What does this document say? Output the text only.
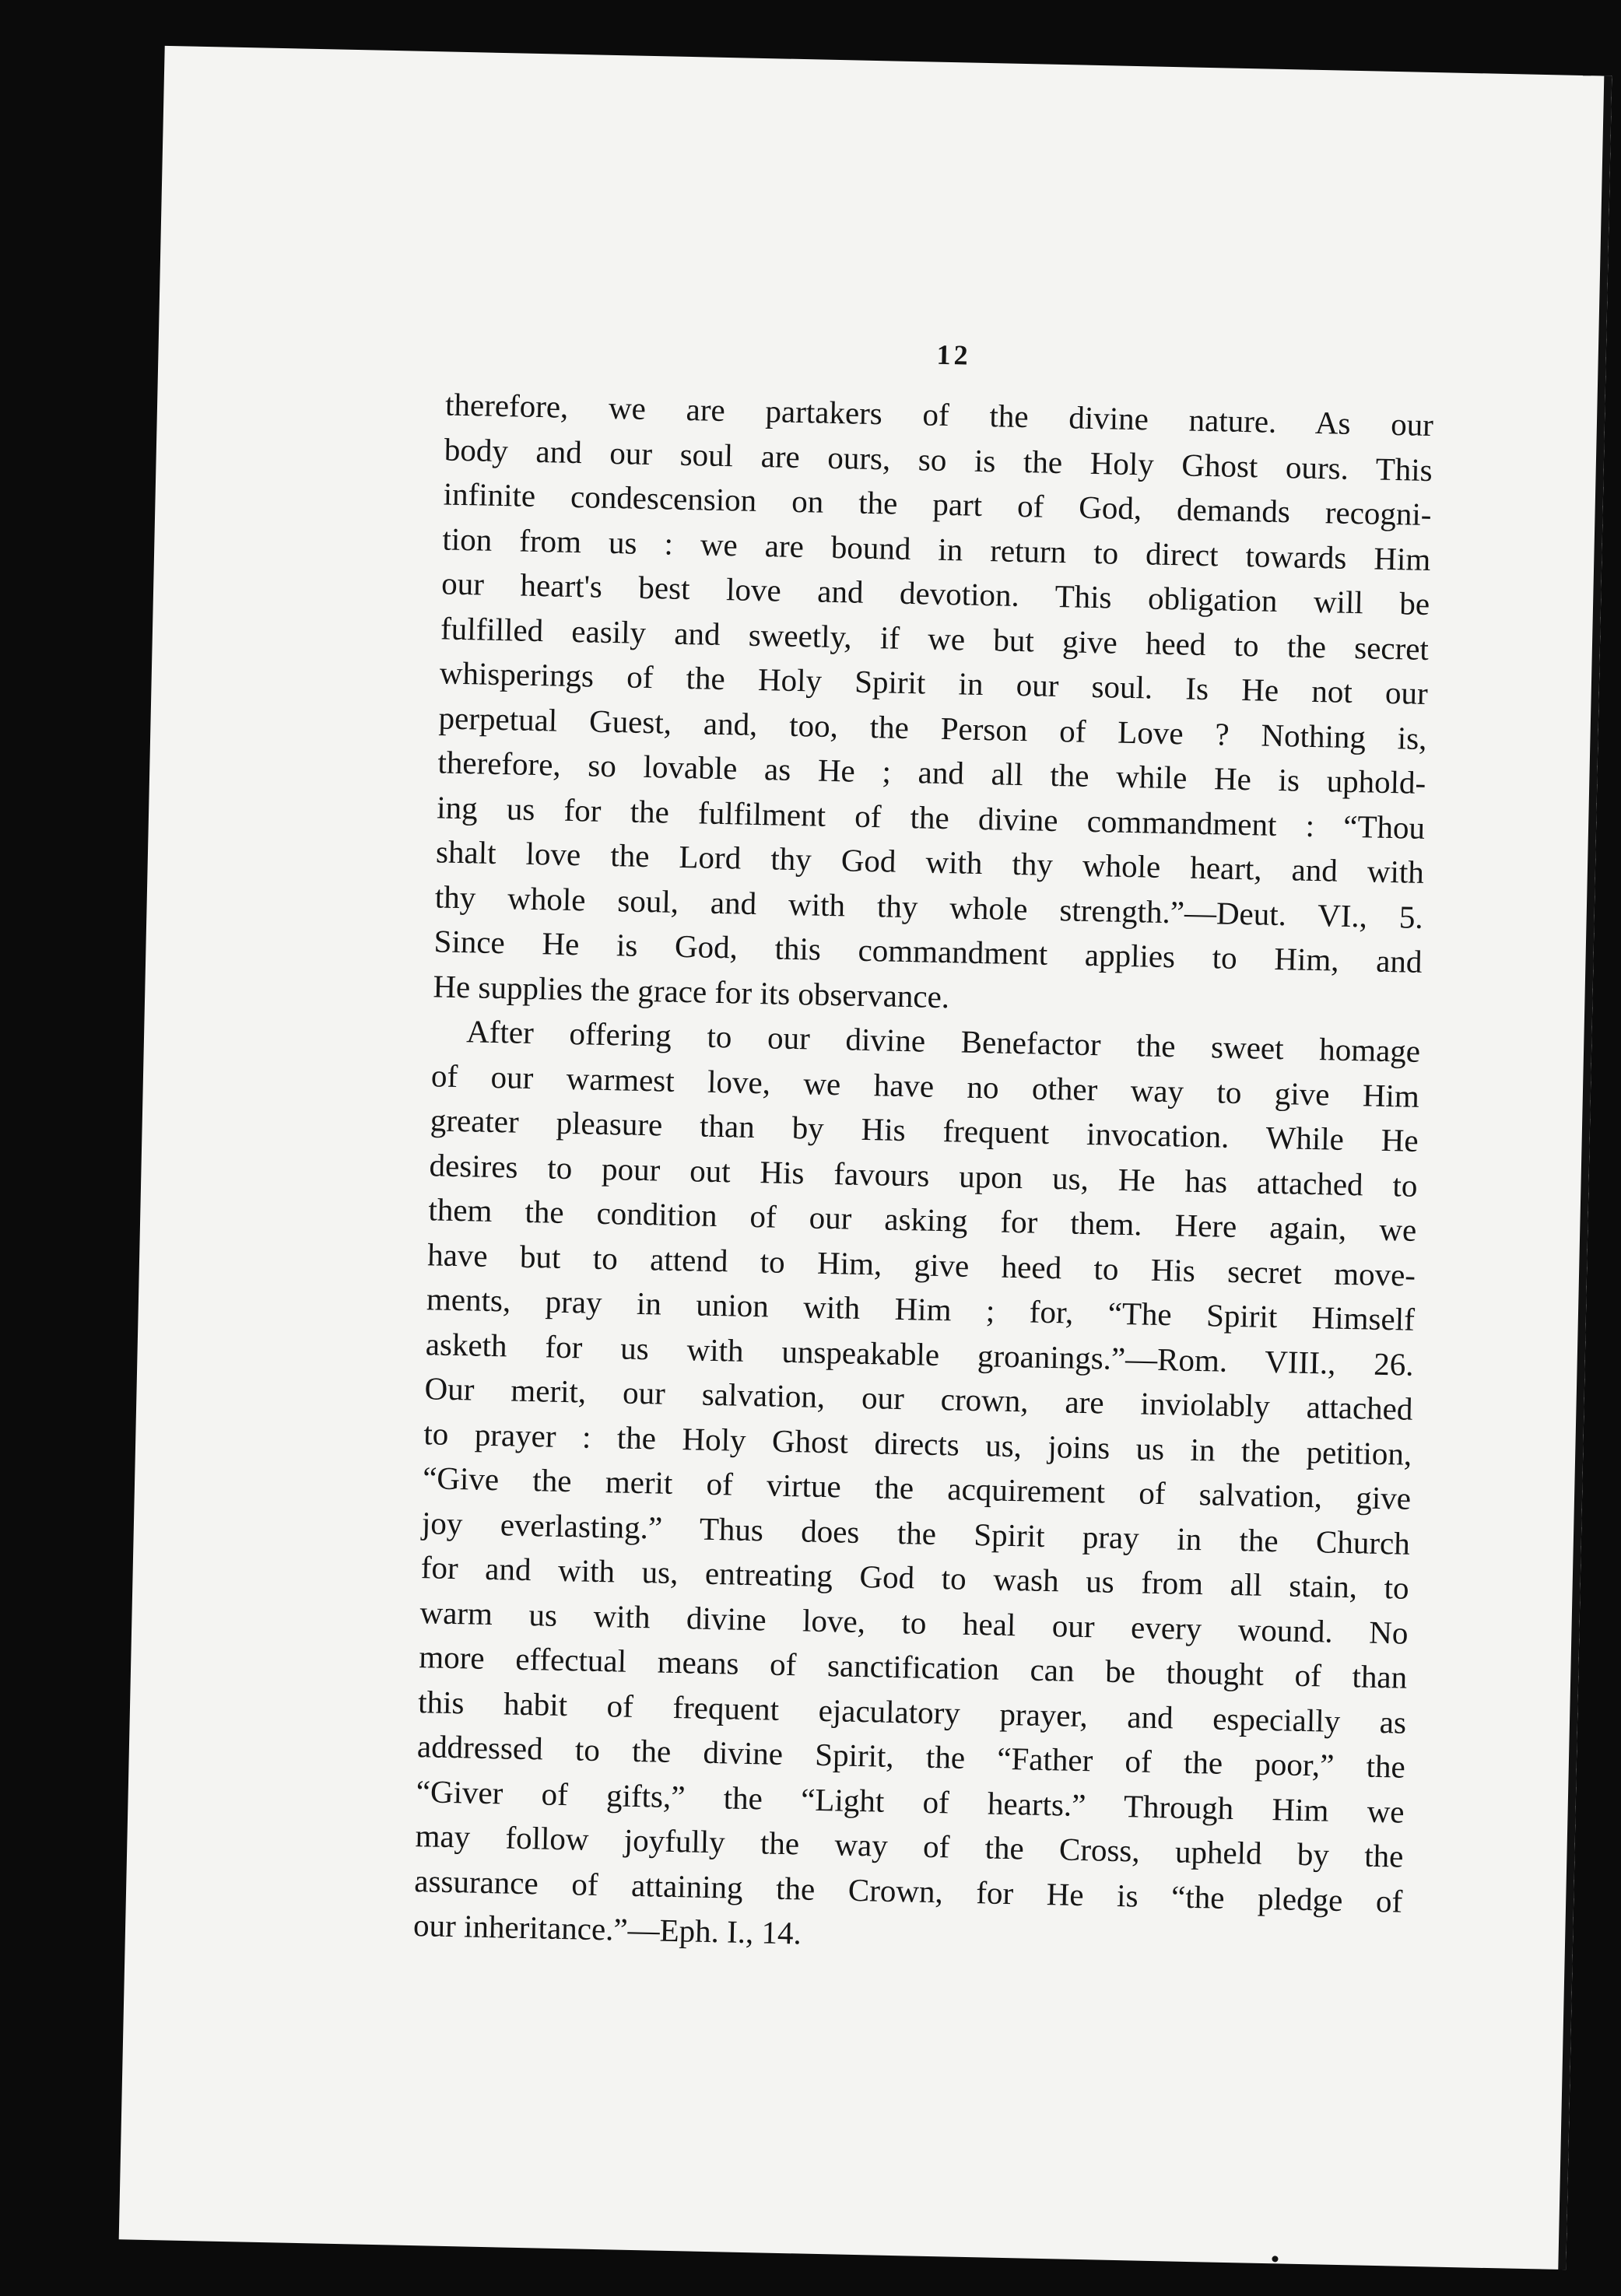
12
therefore, we are partakers of the divine nature. As our
body and our soul are ours, so is the Holy Ghost ours. This
infinite condescension on the part of God, demands recogni-
tion from us : we are bound in return to direct towards Him
our heart's best love and devotion. This obligation will be
fulfilled easily and sweetly, if we but give heed to the secret
whisperings of the Holy Spirit in our soul. Is He not our
perpetual Guest, and, too, the Person of Love ? Nothing is,
therefore, so lovable as He ; and all the while He is uphold-
ing us for the fulfilment of the divine commandment : “Thou
shalt love the Lord thy God with thy whole heart, and with
thy whole soul, and with thy whole strength.”—Deut. VI., 5.
Since He is God, this commandment applies to Him, and
He supplies the grace for its observance.
After offering to our divine Benefactor the sweet homage
of our warmest love, we have no other way to give Him
greater pleasure than by His frequent invocation. While He
desires to pour out His favours upon us, He has attached to
them the condition of our asking for them. Here again, we
have but to attend to Him, give heed to His secret move-
ments, pray in union with Him ; for, “The Spirit Himself
asketh for us with unspeakable groanings.”—Rom. VIII., 26.
Our merit, our salvation, our crown, are inviolably attached
to prayer : the Holy Ghost directs us, joins us in the petition,
“Give the merit of virtue the acquirement of salvation, give
joy everlasting.” Thus does the Spirit pray in the Church
for and with us, entreating God to wash us from all stain, to
warm us with divine love, to heal our every wound. No
more effectual means of sanctification can be thought of than
this habit of frequent ejaculatory prayer, and especially as
addressed to the divine Spirit, the “Father of the poor,” the
“Giver of gifts,” the “Light of hearts.” Through Him we
may follow joyfully the way of the Cross, upheld by the
assurance of attaining the Crown, for He is “the pledge of
our inheritance.”—Eph. I., 14.
